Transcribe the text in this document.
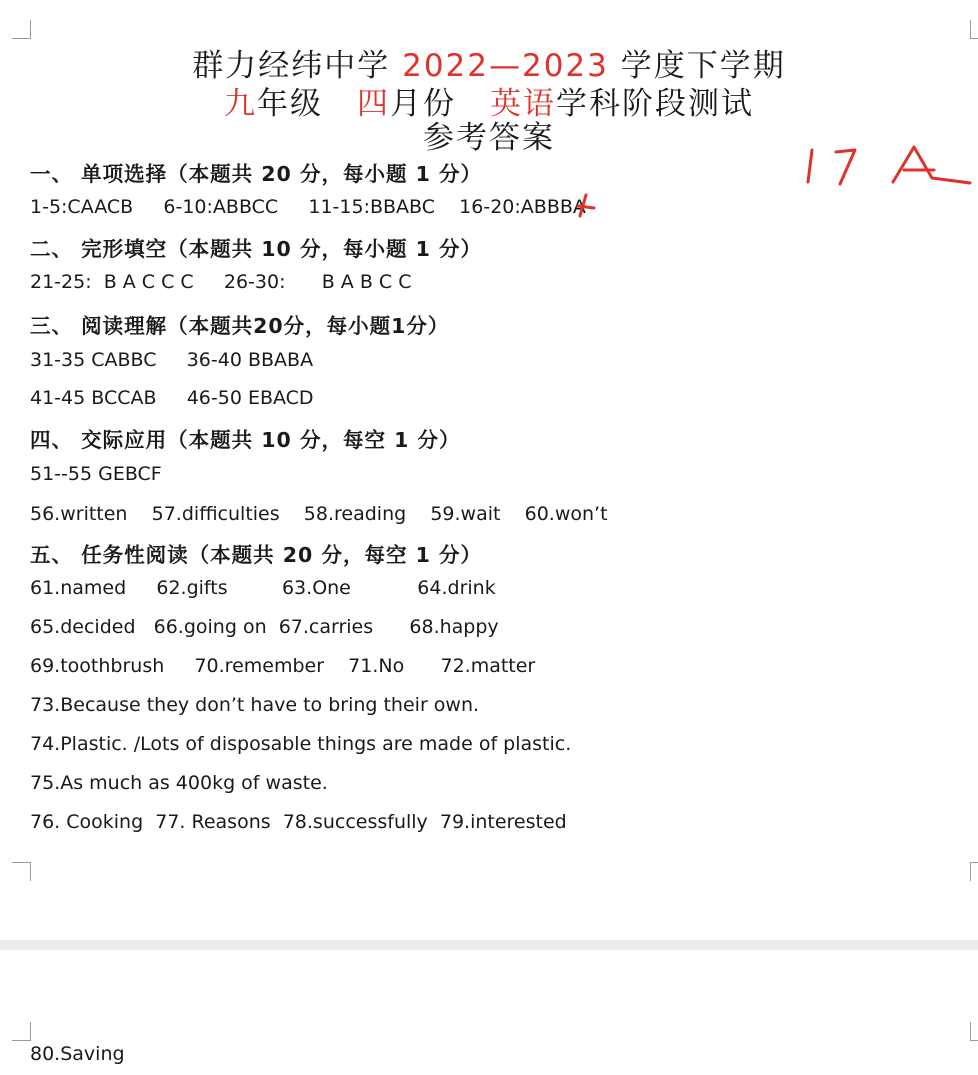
群力经纬中学 2022—2023 学度下学期
九年级 四月份 英语学科阶段测试
参考答案
一、 单项选择（本题共 20 分，每小题 1 分）
1-5:CAACB     6-10:ABBCC     11-15:BBABC    16-20:ABBBA
二、 完形填空（本题共 10 分，每小题 1 分）
21-25:  B A C C C     26-30:      B A B C C
三、 阅读理解（本题共20分，每小题1分）
31-35 CABBC     36-40 BBABA
41-45 BCCAB     46-50 EBACD
四、 交际应用（本题共 10 分，每空 1 分）
51--55 GEBCF
56.written    57.difficulties    58.reading    59.wait    60.won’t
五、 任务性阅读（本题共 20 分，每空 1 分）
61.named     62.gifts         63.One           64.drink
65.decided   66.going on  67.carries      68.happy
69.toothbrush     70.remember    71.No      72.matter
73.Because they don’t have to bring their own.
74.Plastic. /Lots of disposable things are made of plastic.
75.As much as 400kg of waste.
76. Cooking  77. Reasons  78.successfully  79.interested
80.Saving
